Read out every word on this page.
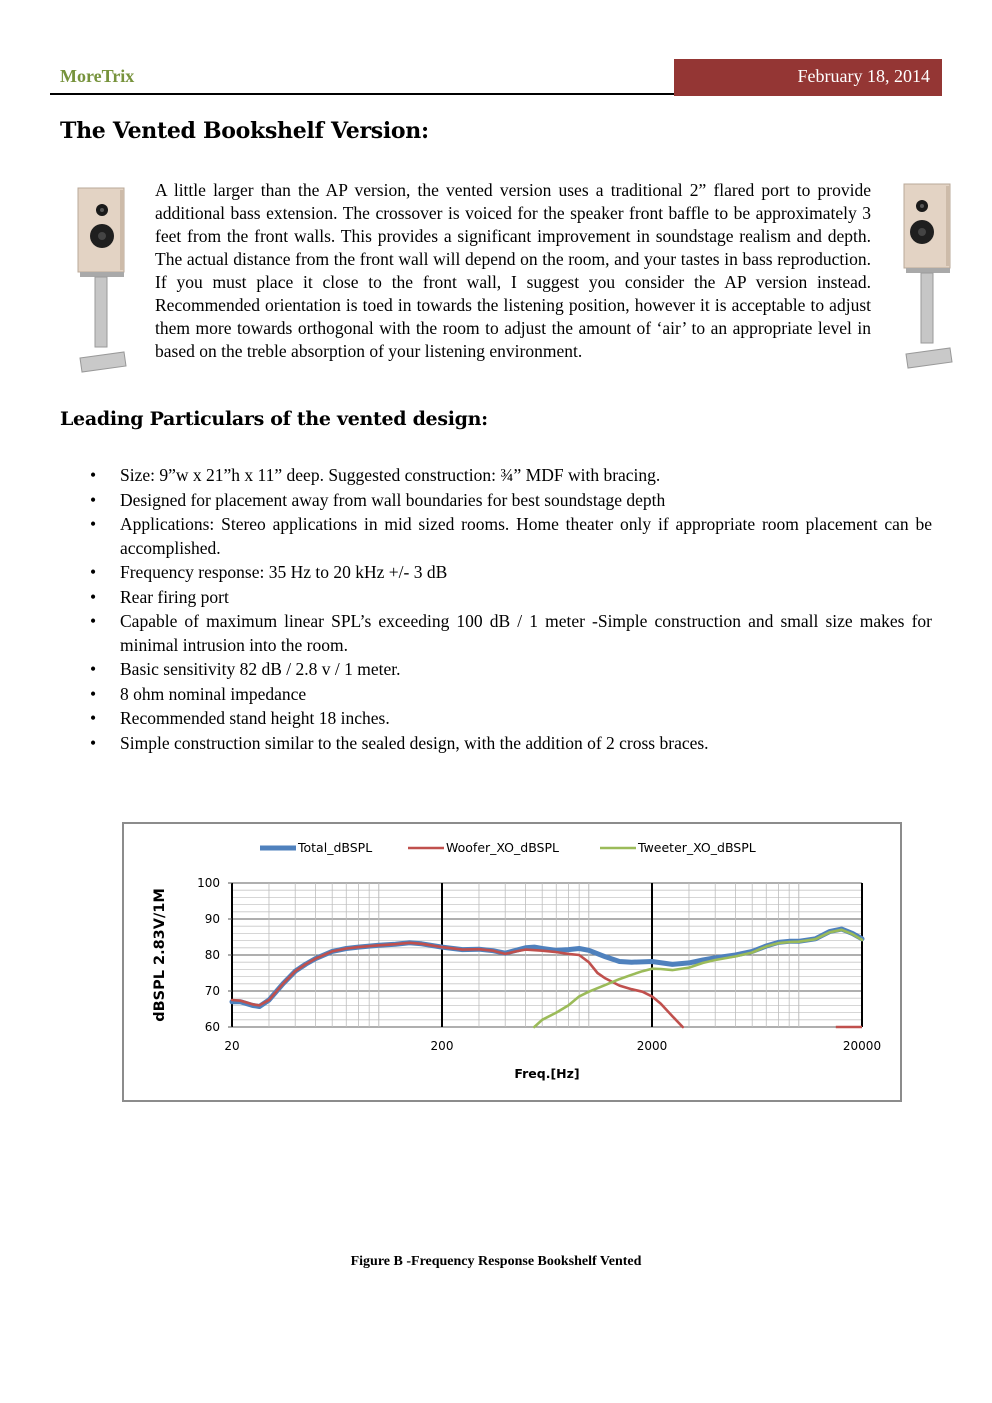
MoreTrix	February 18, 2014
The Vented Bookshelf Version:

A little larger than the AP version, the vented version uses a traditional 2” flared port to provide additional bass extension. The crossover is voiced for the speaker front baffle to be approximately 3 feet from the front walls. This provides a significant improvement in soundstage realism and depth. The actual distance from the front wall will depend on the room, and your tastes in bass reproduction. If you must place it close to the front wall, I suggest you consider the AP version instead. Recommended orientation is toed in towards the listening position, however it is acceptable to adjust them more towards orthogonal with the room to adjust the amount of ‘air’ to an appropriate level in based on the treble absorption of your listening environment.

Leading Particulars of the vented design:
• Size: 9”w x 21”h x 11” deep. Suggested construction: ¾” MDF with bracing.
• Designed for placement away from wall boundaries for best soundstage depth
• Applications: Stereo applications in mid sized rooms. Home theater only if appropriate room placement can be accomplished.
• Frequency response: 35 Hz to 20 kHz +/- 3 dB
• Rear firing port
• Capable of maximum linear SPL’s exceeding 100 dB / 1 meter -Simple construction and small size makes for minimal intrusion into the room.
• Basic sensitivity 82 dB / 2.8 v / 1 meter.
• 8 ohm nominal impedance
• Recommended stand height 18 inches.
• Simple construction similar to the sealed design, with the addition of 2 cross braces.
100
90
80
70
60
20	200	2000	20000
Total_dBSPL	Woofer_XO_dBSPL	Tweeter_XO_dBSPL
Freq.[Hz]
dBSPL 2.83V/1M
Figure B -Frequency Response Bookshelf Vented
